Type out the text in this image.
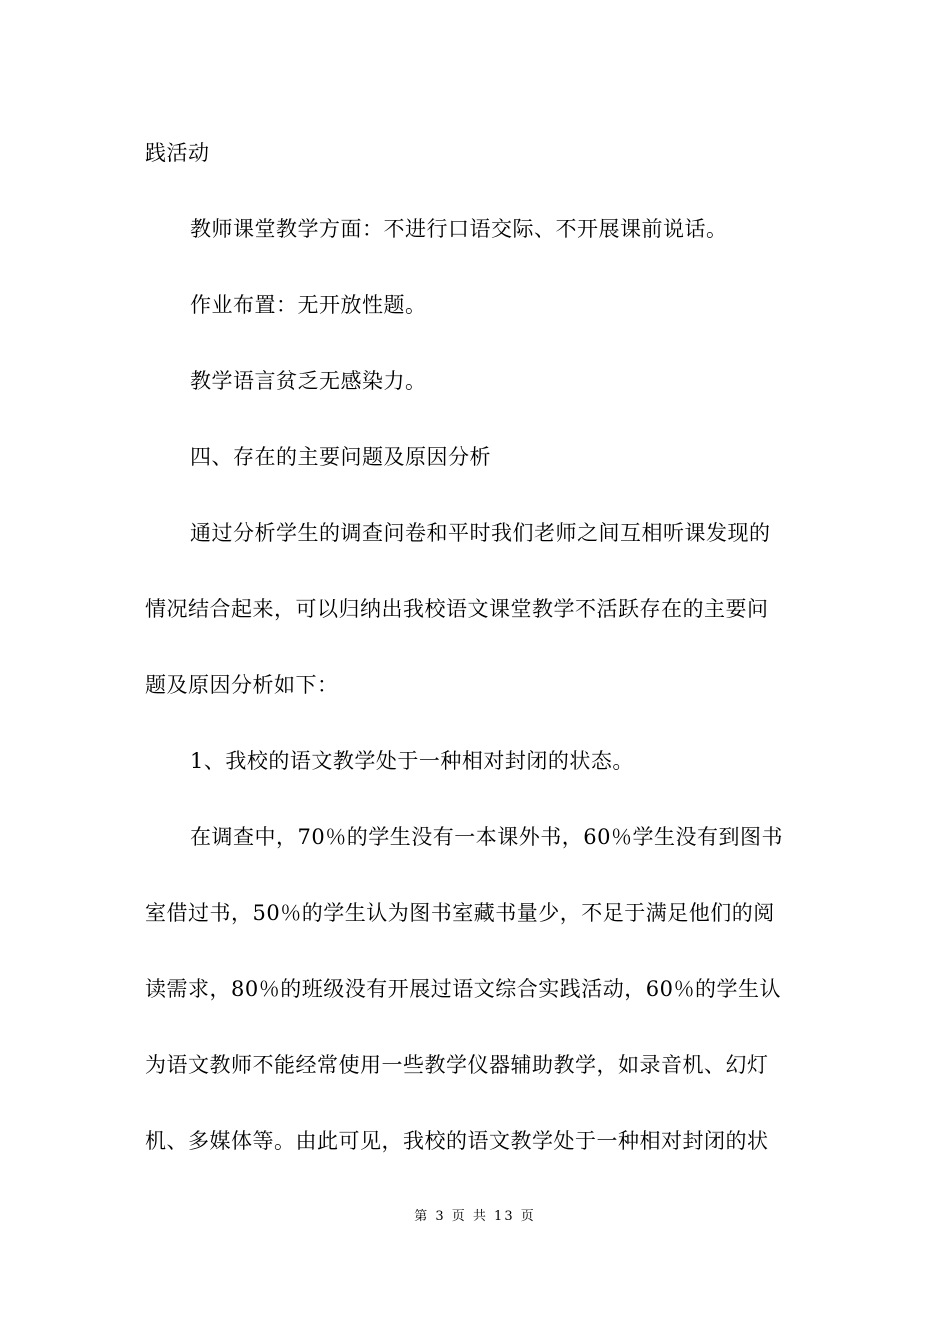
践活动
教师课堂教学方面：不进行口语交际、不开展课前说话。
作业布置：无开放性题。
教学语言贫乏无感染力。
四、存在的主要问题及原因分析
通过分析学生的调查问卷和平时我们老师之间互相听课发现的
情况结合起来，可以归纳出我校语文课堂教学不活跃存在的主要问
题及原因分析如下：
1、我校的语文教学处于一种相对封闭的状态。
在调查中，70％的学生没有一本课外书，60％学生没有到图书
室借过书，50％的学生认为图书室藏书量少，不足于满足他们的阅
读需求，80％的班级没有开展过语文综合实践活动，60％的学生认
为语文教师不能经常使用一些教学仪器辅助教学，如录音机、幻灯
机、多媒体等。由此可见，我校的语文教学处于一种相对封闭的状
第 3 页 共 13 页
